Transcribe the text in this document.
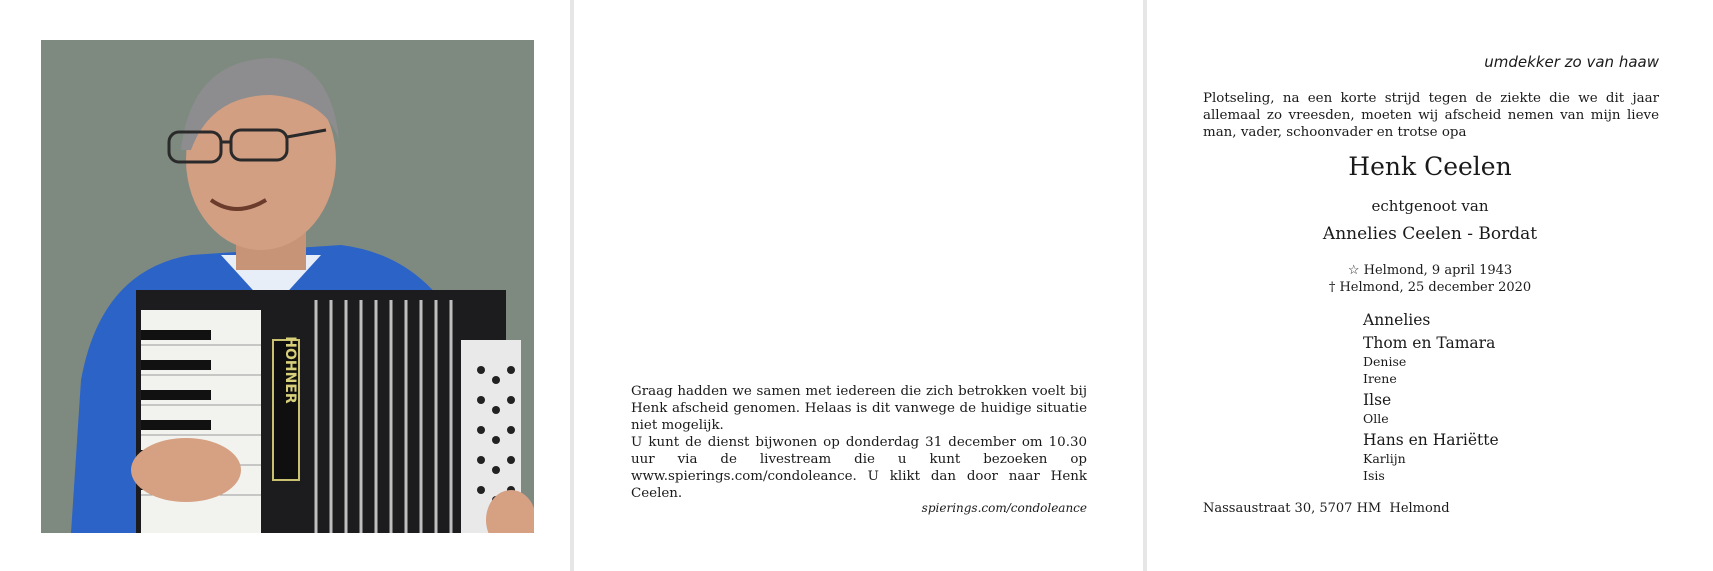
HOHNER	Graag hadden we samen met iedereen die zich betrokken voelt bij Henk afscheid genomen. Helaas is dit vanwege de huidige situatie niet mogelijk.
U kunt de dienst bijwonen op donderdag 31 december om 10.30 uur via de livestream die u kunt bezoeken op www.spierings.com/condoleance. U klikt dan door naar Henk Ceelen.
spierings.com/condoleance
umdekker zo van haaw
Plotseling, na een korte strijd tegen de ziekte die we dit jaar allemaal zo vreesden, moeten wij afscheid nemen van mijn lieve man, vader, schoonvader en trotse opa
Henk Ceelen
echtgenoot van
Annelies Ceelen - Bordat
☆ Helmond, 9 april 1943
† Helmond, 25 december 2020
Annelies
Thom en Tamara
Denise
Irene
Ilse
Olle
Hans en Hariëtte
Karlijn
Isis
Nassaustraat 30, 5707 HM  Helmond
